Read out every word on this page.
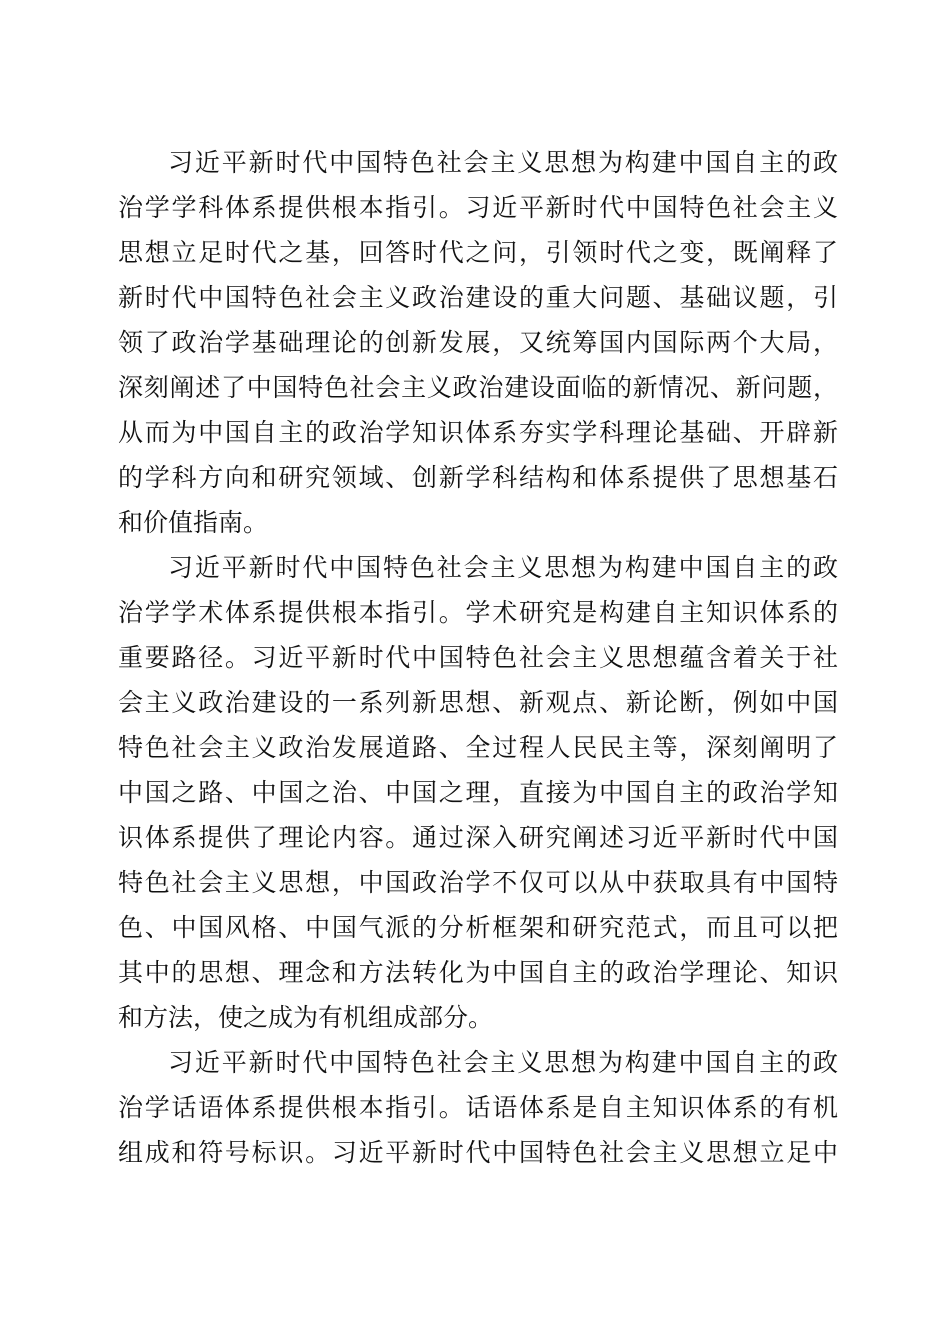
习近平新时代中国特色社会主义思想为构建中国自主的政
治学学科体系提供根本指引。习近平新时代中国特色社会主义
思想立足时代之基，回答时代之问，引领时代之变，既阐释了
新时代中国特色社会主义政治建设的重大问题、基础议题，引
领了政治学基础理论的创新发展，又统筹国内国际两个大局，
深刻阐述了中国特色社会主义政治建设面临的新情况、新问题，
从而为中国自主的政治学知识体系夯实学科理论基础、开辟新
的学科方向和研究领域、创新学科结构和体系提供了思想基石
和价值指南。
习近平新时代中国特色社会主义思想为构建中国自主的政
治学学术体系提供根本指引。学术研究是构建自主知识体系的
重要路径。习近平新时代中国特色社会主义思想蕴含着关于社
会主义政治建设的一系列新思想、新观点、新论断，例如中国
特色社会主义政治发展道路、全过程人民民主等，深刻阐明了
中国之路、中国之治、中国之理，直接为中国自主的政治学知
识体系提供了理论内容。通过深入研究阐述习近平新时代中国
特色社会主义思想，中国政治学不仅可以从中获取具有中国特
色、中国风格、中国气派的分析框架和研究范式，而且可以把
其中的思想、理念和方法转化为中国自主的政治学理论、知识
和方法，使之成为有机组成部分。
习近平新时代中国特色社会主义思想为构建中国自主的政
治学话语体系提供根本指引。话语体系是自主知识体系的有机
组成和符号标识。习近平新时代中国特色社会主义思想立足中
